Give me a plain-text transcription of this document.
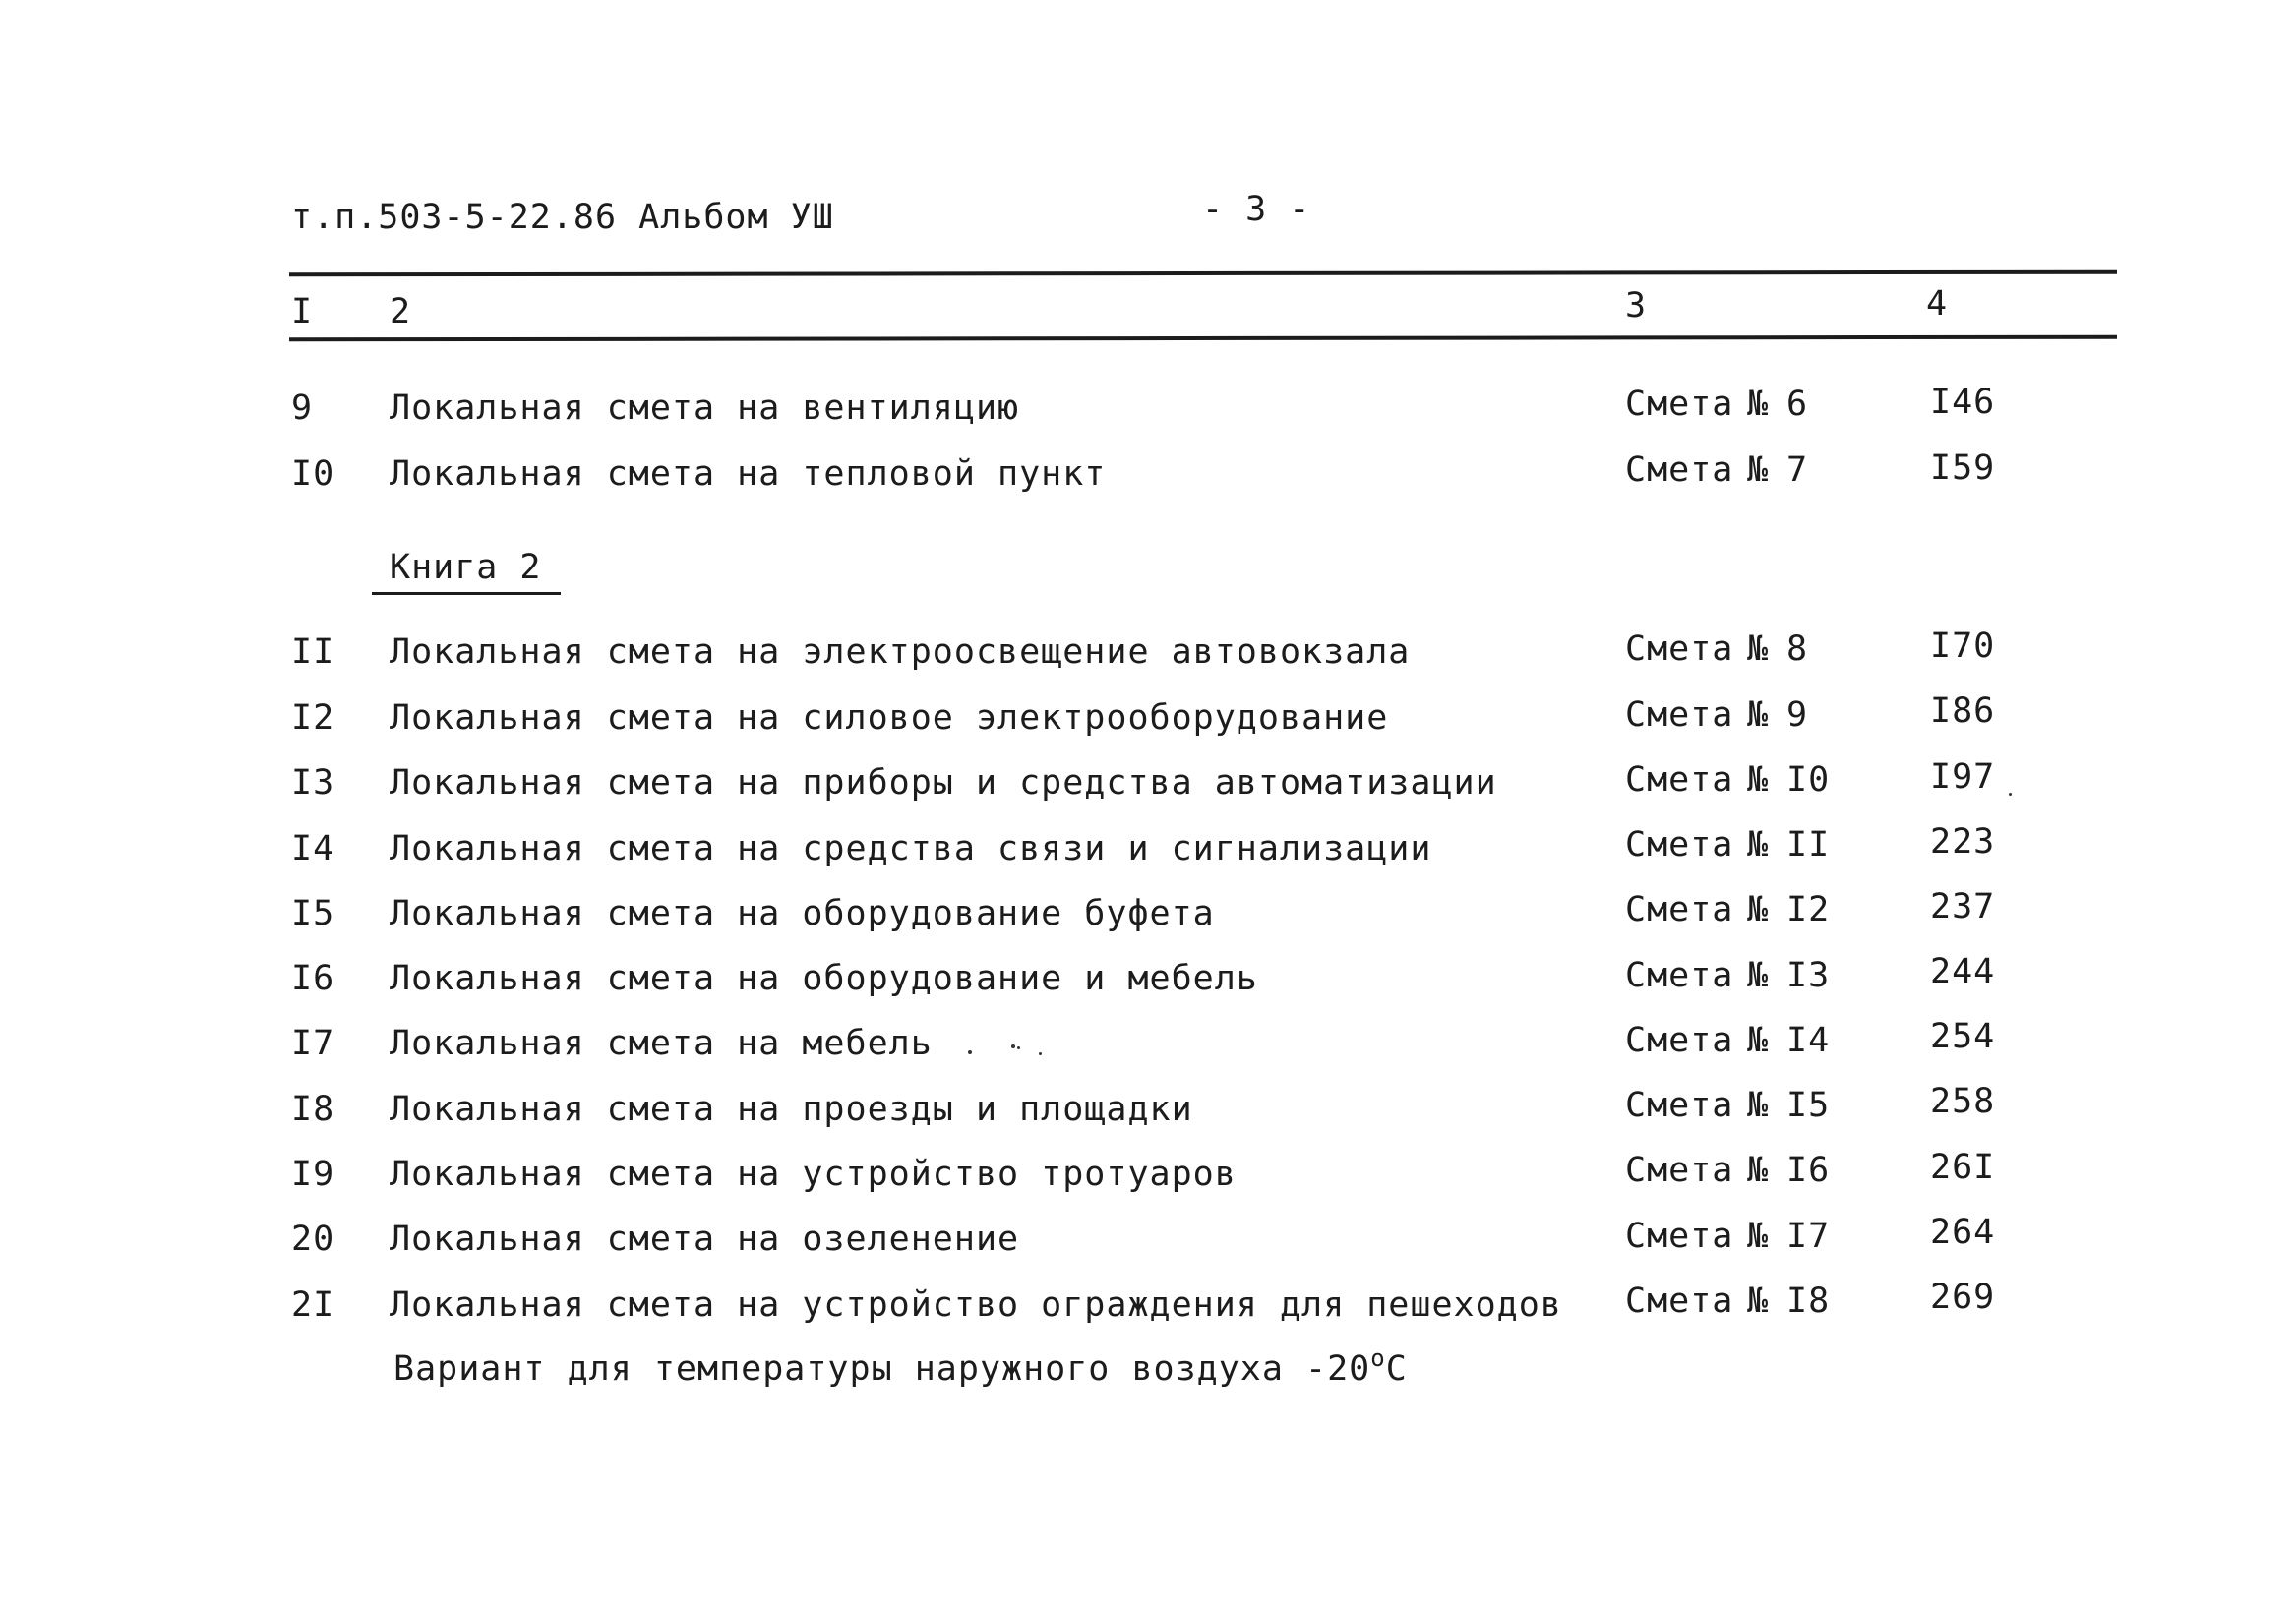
т.п.503-5-22.86 Альбом УШ	- 3 -
I 2	3	4
9 Локальная смета на вентиляцию	Смета № 6	I46
I0 Локальная смета на тепловой пункт	Смета № 7	I59
Книга 2
II Локальная смета на электроосвещение автовокзала	Смета № 8	I70
I2 Локальная смета на силовое электрооборудование	Смета № 9	I86
I3 Локальная смета на приборы и средства автоматизации	Смета № I0	I97
I4 Локальная смета на средства связи и сигнализации	Смета № II	223
I5 Локальная смета на оборудование буфета	Смета № I2	237
I6 Локальная смета на оборудование и мебель	Смета № I3	244
I7 Локальная смета на мебель	Смета № I4	254
I8 Локальная смета на проезды и площадки	Смета № I5	258
I9 Локальная смета на устройство тротуаров	Смета № I6	26I
20 Локальная смета на озеленение	Смета № I7	264
2I Локальная смета на устройство ограждения для пешеходов Смета № I8	269
Вариант для температуры наружного воздуха $-20^оС$
